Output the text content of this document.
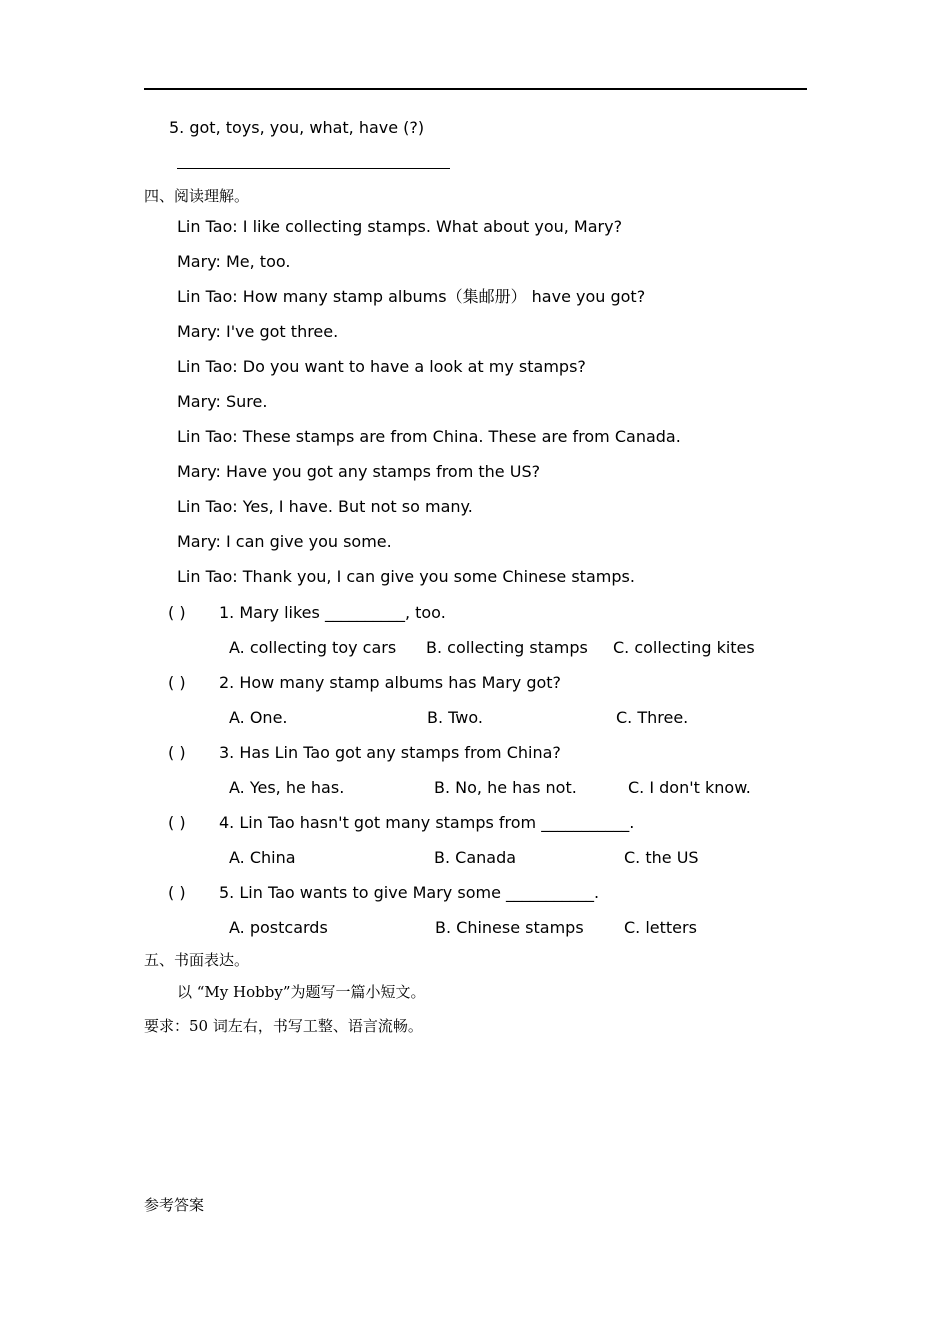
5. got, toys, you, what, have (?)
四、阅读理解。
Lin Tao: I like collecting stamps. What about you, Mary?
Mary: Me, too.
Lin Tao: How many stamp albums（集邮册） have you got?
Mary: I've got three.
Lin Tao: Do you want to have a look at my stamps?
Mary: Sure.
Lin Tao: These stamps are from China. These are from Canada.
Mary: Have you got any stamps from the US?
Lin Tao: Yes, I have. But not so many.
Mary: I can give you some.
Lin Tao: Thank you, I can give you some Chinese stamps.
( ) 1. Mary likes __________, too.
A. collecting toy cars B. collecting stamps C. collecting kites
( ) 2. How many stamp albums has Mary got?
A. One.	B. Two.	C. Three.
( ) 3. Has Lin Tao got any stamps from China?
A. Yes, he has.	B. No, he has not.	C. I don't know.
( ) 4. Lin Tao hasn't got many stamps from ___________.
A. China	B. Canada	C. the US
( ) 5. Lin Tao wants to give Mary some ___________.
A. postcards	B. Chinese stamps	C. letters
五、书面表达。
以 “My Hobby”为题写一篇小短文。
要求：50 词左右，书写工整、语言流畅。
参考答案
